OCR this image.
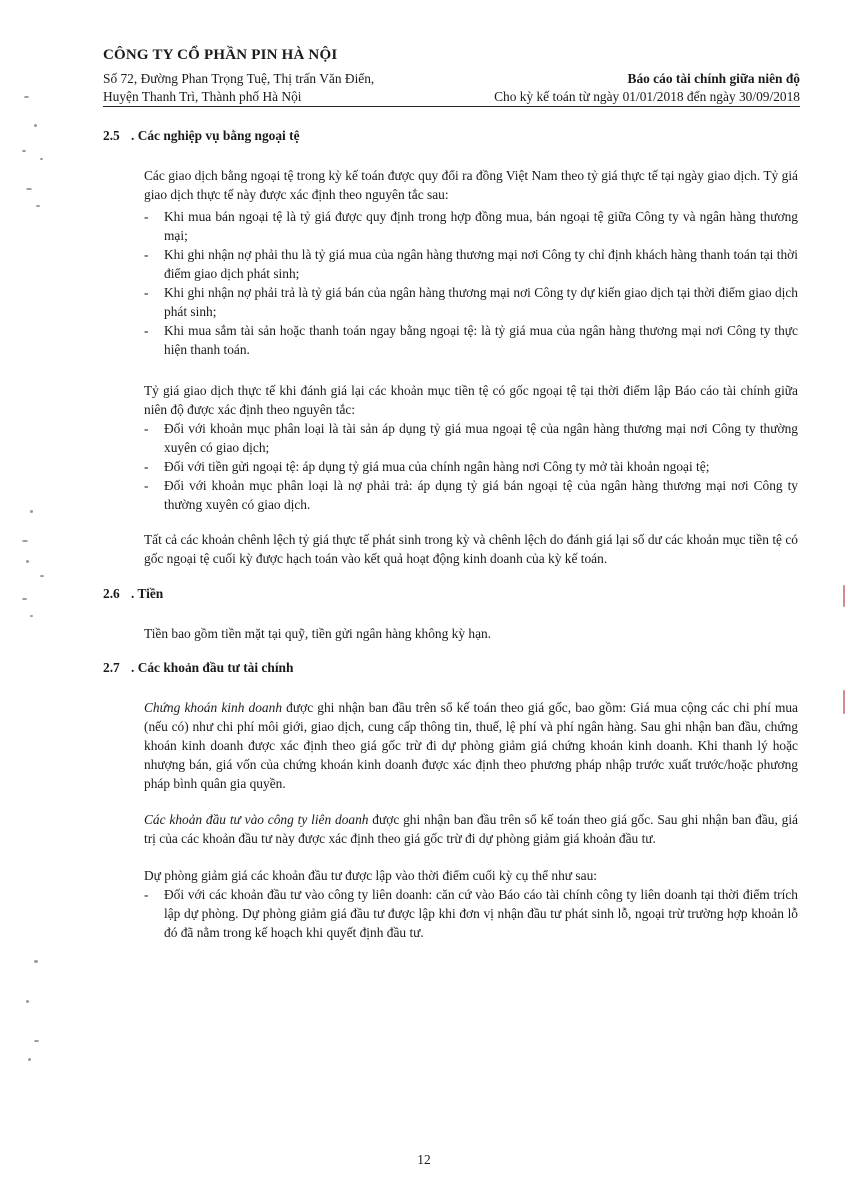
CÔNG TY CỔ PHẦN PIN HÀ NỘI
Số 72, Đường Phan Trọng Tuệ, Thị trấn Văn Điển,
Huyện Thanh Trì, Thành phố Hà Nội
Báo cáo tài chính giữa niên độ
Cho kỳ kế toán từ ngày 01/01/2018 đến ngày 30/09/2018
2.5 . Các nghiệp vụ bằng ngoại tệ
Các giao dịch bằng ngoại tệ trong kỳ kế toán được quy đổi ra đồng Việt Nam theo tỷ giá thực tế tại ngày giao dịch. Tỷ giá giao dịch thực tế này được xác định theo nguyên tắc sau:
- Khi mua bán ngoại tệ là tỷ giá được quy định trong hợp đồng mua, bán ngoại tệ giữa Công ty và ngân hàng thương mại;
- Khi ghi nhận nợ phải thu là tỷ giá mua của ngân hàng thương mại nơi Công ty chỉ định khách hàng thanh toán tại thời điểm giao dịch phát sinh;
- Khi ghi nhận nợ phải trả là tỷ giá bán của ngân hàng thương mại nơi Công ty dự kiến giao dịch tại thời điểm giao dịch phát sinh;
- Khi mua sắm tài sản hoặc thanh toán ngay bằng ngoại tệ: là tỷ giá mua của ngân hàng thương mại nơi Công ty thực hiện thanh toán.
Tỷ giá giao dịch thực tế khi đánh giá lại các khoản mục tiền tệ có gốc ngoại tệ tại thời điểm lập Báo cáo tài chính giữa niên độ được xác định theo nguyên tắc:
- Đối với khoản mục phân loại là tài sản áp dụng tỷ giá mua ngoại tệ của ngân hàng thương mại nơi Công ty thường xuyên có giao dịch;
- Đối với tiền gửi ngoại tệ: áp dụng tỷ giá mua của chính ngân hàng nơi Công ty mở tài khoản ngoại tệ;
- Đối với khoản mục phân loại là nợ phải trả: áp dụng tỷ giá bán ngoại tệ của ngân hàng thương mại nơi Công ty thường xuyên có giao dịch.
Tất cả các khoản chênh lệch tỷ giá thực tế phát sinh trong kỳ và chênh lệch do đánh giá lại số dư các khoản mục tiền tệ có gốc ngoại tệ cuối kỳ được hạch toán vào kết quả hoạt động kinh doanh của kỳ kế toán.
2.6 . Tiền
Tiền bao gồm tiền mặt tại quỹ, tiền gửi ngân hàng không kỳ hạn.
2.7 . Các khoản đầu tư tài chính
Chứng khoán kinh doanh được ghi nhận ban đầu trên sổ kế toán theo giá gốc, bao gồm: Giá mua cộng các chi phí mua (nếu có) như chi phí môi giới, giao dịch, cung cấp thông tin, thuế, lệ phí và phí ngân hàng. Sau ghi nhận ban đầu, chứng khoán kinh doanh được xác định theo giá gốc trừ đi dự phòng giảm giá chứng khoán kinh doanh. Khi thanh lý hoặc nhượng bán, giá vốn của chứng khoán kinh doanh được xác định theo phương pháp nhập trước xuất trước/hoặc phương pháp bình quân gia quyền.
Các khoản đầu tư vào công ty liên doanh được ghi nhận ban đầu trên sổ kế toán theo giá gốc. Sau ghi nhận ban đầu, giá trị của các khoản đầu tư này được xác định theo giá gốc trừ đi dự phòng giảm giá khoản đầu tư.
Dự phòng giảm giá các khoản đầu tư được lập vào thời điểm cuối kỳ cụ thể như sau:
- Đối với các khoản đầu tư vào công ty liên doanh: căn cứ vào Báo cáo tài chính công ty liên doanh tại thời điểm trích lập dự phòng. Dự phòng giảm giá đầu tư được lập khi đơn vị nhận đầu tư phát sinh lỗ, ngoại trừ trường hợp khoản lỗ đó đã nằm trong kế hoạch khi quyết định đầu tư.
12
